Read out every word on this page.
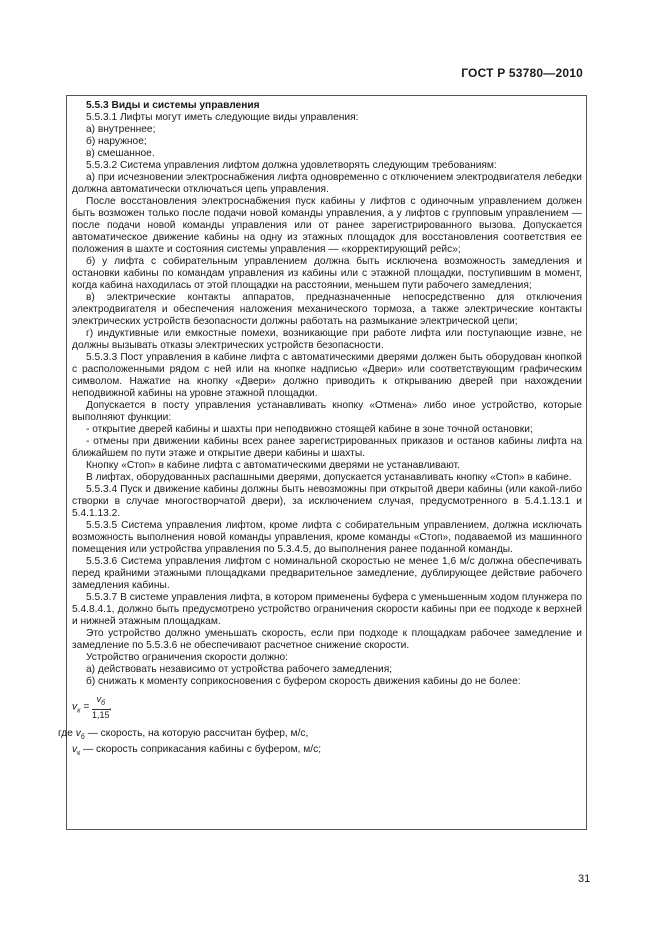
ГОСТ Р 53780—2010

5.5.3 Виды и системы управления

5.5.3.1 Лифты могут иметь следующие виды управления:

а) внутреннее;

б) наружное;

в) смешанное.

5.5.3.2 Система управления лифтом должна удовлетворять следующим требованиям:

а) при исчезновении электроснабжения лифта одновременно с отключением электродвигателя лебедки должна автоматически отключаться цепь управления.

После восстановления электроснабжения пуск кабины у лифтов с одиночным управлением должен быть возможен только после подачи новой команды управления, а у лифтов с групповым управлением — после подачи новой команды управления или от ранее зарегистрированного вызова. Допускается автоматическое движение кабины на одну из этажных площадок для восстановления соответствия ее положения в шахте и состояния системы управления — «корректирующий рейс»;

б) у лифта с собирательным управлением должна быть исключена возможность замедления и остановки кабины по командам управления из кабины или с этажной площадки, поступившим в момент, когда кабина находилась от этой площадки на расстоянии, меньшем пути рабочего замедления;

в) электрические контакты аппаратов, предназначенные непосредственно для отключения электродвигателя и обеспечения наложения механического тормоза, а также электрические контакты электрических устройств безопасности должны работать на размыкание электрической цепи;

г) индуктивные или емкостные помехи, возникающие при работе лифта или поступающие извне, не должны вызывать отказы электрических устройств безопасности.

5.5.3.3 Пост управления в кабине лифта с автоматическими дверями должен быть оборудован кнопкой с расположенными рядом с ней или на кнопке надписью «Двери» или соответствующим графическим символом. Нажатие на кнопку «Двери» должно приводить к открыванию дверей при нахождении неподвижной кабины на уровне этажной площадки.

Допускается в посту управления устанавливать кнопку «Отмена» либо иное устройство, которые выполняют функции:

- открытие дверей кабины и шахты при неподвижно стоящей кабине в зоне точной остановки;

- отмены при движении кабины всех ранее зарегистрированных приказов и останов кабины лифта на ближайшем по пути этаже и открытие двери кабины и шахты.

Кнопку «Стоп» в кабине лифта с автоматическими дверями не устанавливают.

В лифтах, оборудованных распашными дверями, допускается устанавливать кнопку «Стоп» в кабине.

5.5.3.4 Пуск и движение кабины должны быть невозможны при открытой двери кабины (или какой-либо створки в случае многостворчатой двери), за исключением случая, предусмотренного в 5.4.1.13.1 и 5.4.1.13.2.

5.5.3.5 Система управления лифтом, кроме лифта с собирательным управлением, должна исключать возможность выполнения новой команды управления, кроме команды «Стоп», подаваемой из машинного помещения или устройства управления по 5.3.4.5, до выполнения ранее поданной команды.

5.5.3.6 Система управления лифтом с номинальной скоростью не менее 1,6 м/с должна обеспечивать перед крайними этажными площадками предварительное замедление, дублирующее действие рабочего замедления кабины.

5.5.3.7 В системе управления лифта, в котором применены буфера с уменьшенным ходом плунжера по 5.4.8.4.1, должно быть предусмотрено устройство ограничения скорости кабины при ее подходе к верхней и нижней этажным площадкам.

Это устройство должно уменьшать скорость, если при подходе к площадкам рабочее замедление и замедление по 5.5.3.6 не обеспечивают расчетное снижение скорости.

Устройство ограничения скорости должно:

а) действовать независимо от устройства рабочего замедления;

б) снижать к моменту соприкосновения с буфером скорость движения кабины до не более:

$v_к = \frac{v_б}{1,15}$ ,

где $v_б$ — скорость, на которую рассчитан буфер, м/с,

$v_к$ — скорость соприкасания кабины с буфером, м/с;

31
